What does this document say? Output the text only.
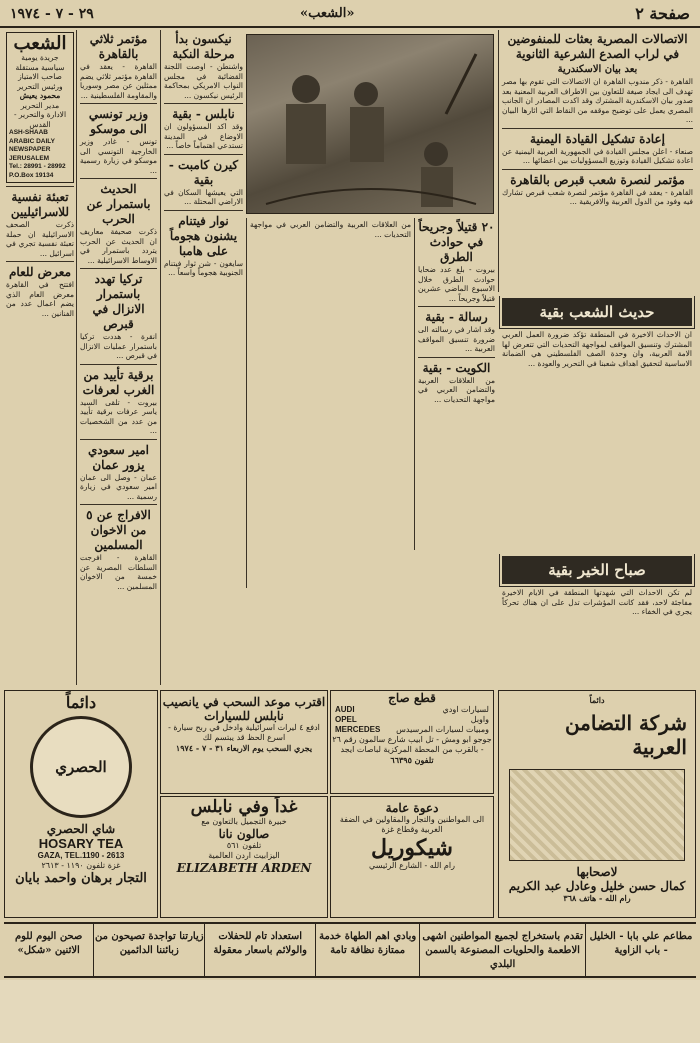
٢٩ - ٧ - ١٩٧٤	«الشعب»	صفحة ٢
الاتصالات المصرية بعثات للمنفوضين في لراب الصدع الشرعية الثانوية
بعد بيان الاسكندرية
القاهرة - ذكر مندوب القاهرة ان الاتصالات التي تقوم بها مصر تهدف الى ايجاد صيغة للتعاون بين الاطراف العربية المعنية بعد صدور بيان الاسكندرية المشترك وقد اكدت المصادر ان الجانب المصري يعمل على توضيح موقفه من النقاط التي اثارها البيان ...
إعادة تشكيل القيادة اليمنية
صنعاء - اعلن مجلس القيادة في الجمهورية العربية اليمنية عن اعادة تشكيل القيادة وتوزيع المسؤوليات بين اعضائها ...
مؤتمر لنصرة شعب قبرص بالقاهرة
القاهرة - يعقد في القاهرة مؤتمر لنصرة شعب قبرص تشارك فيه وفود من الدول العربية والافريقية ...
٢٠ قتيلاً وجريحاً في حوادث الطرق
بيروت - بلغ عدد ضحايا حوادث الطرق خلال الاسبوع الماضي عشرين قتيلاً وجريحاً ...
رسالة - بقية
وقد اشار في رسالته الى ضرورة تنسيق المواقف العربية ...
الكويت - بقية
من العلاقات العربية والتضامن العربي في مواجهة التحديات ...
نيكسون بدأ مرحلة النكبة
واشنطن - اوصت اللجنة القضائية في مجلس النواب الامريكي بمحاكمة الرئيس نيكسون ...
نابلس - بقية
وقد اكد المسؤولون ان الاوضاع في المدينة تستدعي اهتماماً خاصاً ...
كيرن كامبت - بقية
التي يعيشها السكان في الاراضي المحتلة ...
نوار فيتنام يشنون هجوماً على هامبا
سايغون - شن ثوار فيتنام الجنوبية هجوماً واسعاً ...
من العلاقات العربية والتضامن العربي في مواجهة التحديات ...
مؤتمر ثلاثي بالقاهرة
القاهرة - يعقد في القاهرة مؤتمر ثلاثي يضم ممثلين عن مصر وسوريا والمقاومة الفلسطينية ...
وزير تونسي الى موسكو
تونس - غادر وزير الخارجية التونسي الى موسكو في زيارة رسمية ...
الحديث باستمرار عن الحرب
ذكرت صحيفة معاريف ان الحديث عن الحرب يتردد باستمرار في الاوساط الاسرائيلية ...
تركيا تهدد باستمرار الانزال في قبرص
انقرة - هددت تركيا باستمرار عمليات الانزال في قبرص ...
برقية تأييد من الغرب لعرفات
بيروت - تلقى السيد ياسر عرفات برقية تأييد من عدد من الشخصيات ...
امير سعودي يزور عمان
عمان - وصل الى عمان امير سعودي في زيارة رسمية ...
الافراج عن ٥ من الاخوان المسلمين
القاهرة - افرجت السلطات المصرية عن خمسة من الاخوان المسلمين ...
الشعب
جريدة يومية سياسية مستقلة
صاحب الامتياز ورئيس التحرير
محمود يعيش
مدير التحرير
الادارة والتحرير - القدس
ASH-SHAAB
ARABIC DAILY
NEWSPAPER
JERUSALEM
Tel.: 28991 - 28992
P.O.Box 19134
تعبئة نفسية للاسرائيليين
ذكرت الصحف الاسرائيلية ان حملة تعبئة نفسية تجري في اسرائيل ...
معرض للعام
افتتح في القاهرة معرض العام الذي يضم اعمال عدد من الفنانين ...	حديث الشعب بقية
ان الاحداث الاخيرة في المنطقة تؤكد ضرورة العمل العربي المشترك وتنسيق المواقف لمواجهة التحديات التي تتعرض لها الامة العربية، وان وحدة الصف الفلسطيني هي الضمانة الاساسية لتحقيق اهداف شعبنا في التحرير والعودة ...
صباح الخير بقية
لم تكن الاحداث التي شهدتها المنطقة في الايام الاخيرة مفاجئة لاحد، فقد كانت المؤشرات تدل على ان هناك تحركاً يجري في الخفاء ...
قطع صاج
لسيارات اودي
واوبل
ومبيات لسيارات المرسيدس
AUDI
OPEL
MERCEDES
جوجو ابو ومش - تل ابيب شارع سالمون رقم ٢٦ - بالقرب من المحطة المركزية لباصات ايجد
تلفون ٦٦٣٩٥
اقترب موعد السحب في يانصيب نابلس للسيارات
ادفع ٤ ليرات اسرائيلية وادخل في ربح سيارة - اسرع الحظ قد يبتسم لك
يجري السحب يوم الاربعاء ٣١ - ٧ - ١٩٧٤
غداً وفي نابلس
خبيرة التجميل بالتعاون مع
صالون نانا
تلفون ٥٦١
اليزابيث اردن العالمية
ELIZABETH ARDEN
دعوة عامة
الى المواطنين والتجار والمقاولين في الضفة الغربية وقطاع غزة
شيكوريل
رام الله - الشارع الرئيسي
دائماً
شركة التضامن العربية
لاصحابها
كمال حسن خليل وعادل عبد الكريم
رام الله - هاتف ٣٦٨
دائماً
الحصري
شاي الحصري
HOSARY TEA
GAZA, TEL.1190 - 2613
غزة تلفون ١١٩٠ - ٢٦١٣
التجار برهان واحمد بايان
مطاعم علي بابا - الخليل - باب الزاوية
تقدم باستخراج لجميع المواطنين اشهى الاطعمة والحلويات المصنوعة بالسمن البلدي
وبادي اهم الطهاة خدمة ممتازة نظافة تامة
استعداد تام للحفلات والولائم باسعار معقولة
زيارتنا تواجدة تصيحون من زبائننا الدائمين
صحن اليوم للوم الاثنين «شكل»
